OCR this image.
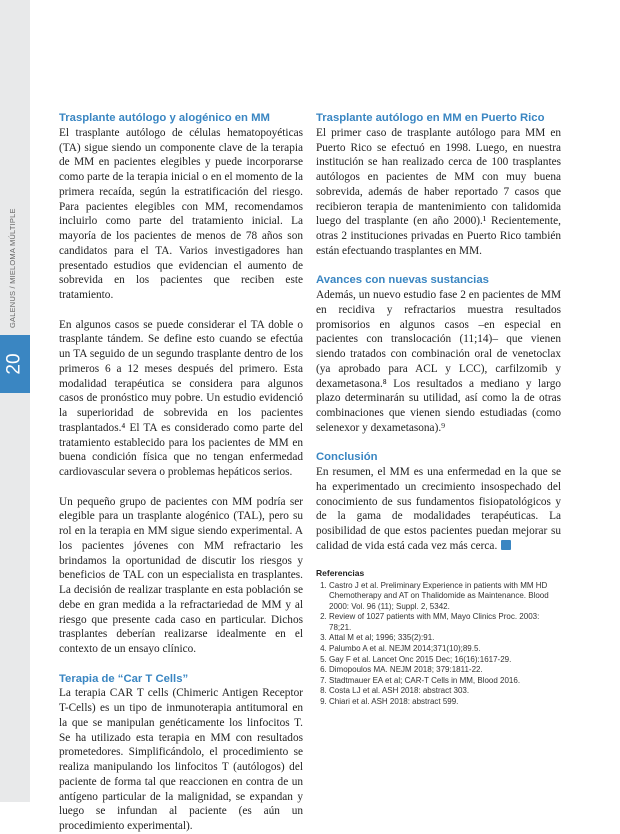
GALENUS / MIELOMA MÚLTIPLE
20
Trasplante autólogo y alogénico en MM

El trasplante autólogo de células hematopoyéticas (TA) sigue siendo un componente clave de la terapia de MM en pacientes elegibles y puede incorporarse como parte de la terapia inicial o en el momento de la primera recaída, según la estratificación del riesgo. Para pacientes elegibles con MM, recomendamos incluirlo como parte del tratamiento inicial. La mayoría de los pacientes de menos de 78 años son candidatos para el TA. Varios investigadores han presentado estudios que evidencian el aumento de sobrevida en los pacientes que reciben este tratamiento.

En algunos casos se puede considerar el TA doble o trasplante tándem. Se define esto cuando se efectúa un TA seguido de un segundo trasplante dentro de los primeros 6 a 12 meses después del primero. Esta modalidad terapéutica se considera para algunos casos de pronóstico muy pobre. Un estudio evidenció la superioridad de sobrevida en los pacientes trasplantados.⁴ El TA es considerado como parte del tratamiento establecido para los pacientes de MM en buena condición física que no tengan enfermedad cardiovascular severa o problemas hepáticos serios.

Un pequeño grupo de pacientes con MM podría ser elegible para un trasplante alogénico (TAL), pero su rol en la terapia en MM sigue siendo experimental. A los pacientes jóvenes con MM refractario les brindamos la oportunidad de discutir los riesgos y beneficios de TAL con un especialista en trasplantes. La decisión de realizar trasplante en esta población se debe en gran medida a la refractariedad de MM y al riesgo que presente cada caso en particular. Dichos trasplantes deberían realizarse idealmente en el contexto de un ensayo clínico.

Terapia de “Car T Cells”

La terapia CAR T cells (Chimeric Antigen Receptor T-Cells) es un tipo de inmunoterapia antitumoral en la que se manipulan genéticamente los linfocitos T. Se ha utilizado esta terapia en MM con resultados prometedores. Simplificándolo, el procedimiento se realiza manipulando los linfocitos T (autólogos) del paciente de forma tal que reaccionen en contra de un antígeno particular de la malignidad, se expandan y luego se infundan al paciente (es aún un procedimiento experimental).

Trasplante autólogo en MM en Puerto Rico

El primer caso de trasplante autólogo para MM en Puerto Rico se efectuó en 1998. Luego, en nuestra institución se han realizado cerca de 100 trasplantes autólogos en pacientes de MM con muy buena sobrevida, además de haber reportado 7 casos que recibieron terapia de mantenimiento con talidomida luego del trasplante (en año 2000).¹ Recientemente, otras 2 instituciones privadas en Puerto Rico también están efectuando trasplantes en MM.

Avances con nuevas sustancias

Además, un nuevo estudio fase 2 en pacientes de MM en recidiva y refractarios muestra resultados promisorios en algunos casos –en especial en pacientes con translocación (11;14)– que vienen siendo tratados con combinación oral de venetoclax (ya aprobado para ACL y LCC), carfilzomib y dexametasona.⁸ Los resultados a mediano y largo plazo determinarán su utilidad, así como la de otras combinaciones que vienen siendo estudiadas (como selenexor y dexametasona).⁹

Conclusión

En resumen, el MM es una enfermedad en la que se ha experimentado un crecimiento insospechado del conocimiento de sus fundamentos fisiopatológicos y de la gama de modalidades terapéuticas. La posibilidad de que estos pacientes puedan mejorar su calidad de vida está cada vez más cerca.

Referencias
1. Castro J et al. Preliminary Experience in patients with MM HD Chemotherapy and AT on Thalidomide as Maintenance. Blood 2000: Vol. 96 (11); Suppl. 2, 5342.
2. Review of 1027 patients with MM, Mayo Clinics Proc. 2003: 78;21.
3. Attal M et al; 1996; 335(2):91.
4. Palumbo A et al. NEJM 2014;371(10);89.5.
5. Gay F et al. Lancet Onc 2015 Dec; 16(16):1617-29.
6. Dimopoulos MA. NEJM 2018; 379:1811-22.
7. Stadtmauer EA et al; CAR-T Cells in MM, Blood 2016.
8. Costa LJ et al. ASH 2018: abstract 303.
9. Chiari et al. ASH 2018: abstract 599.
